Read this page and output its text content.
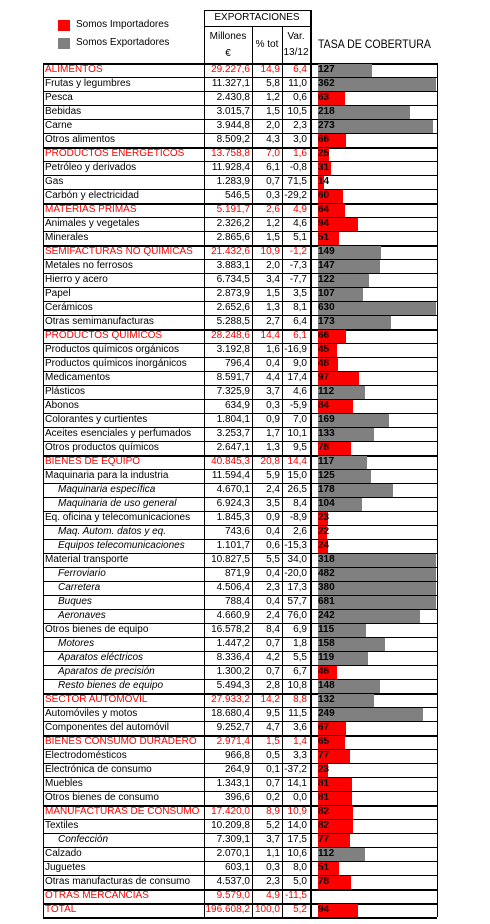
Somos Importadores
Somos Exportadores
EXPORTACIONES
Millones
€
% tot
Var.
13/12
TASA DE COBERTURA
ALIMENTOS	29.227,6	14,9	6,4 127
Frutas y legumbres	11.327,1	5,8 11,0 362
Pesca	2.430,8	1,2	0,6 63
Bebidas	3.015,7	1,5 10,5 218
Carne	3.944,8	2,0	2,3 273
Otros alimentos	8.509,2	4,3	3,0 66
PRODUCTOS ENERGÉTICOS	13.758,8	7,0	1,6 25
Petróleo y derivados	11.928,4	6,1 -0,8 31
Gas	1.283,9	0,7 71,5 14
Carbón y electricidad	546,5	0,3 -29,2 60
MATERIAS PRIMAS	5.191,7	2,6	4,9 64
Animales y vegetales	2.326,2	1,2	4,6 94
Minerales	2.865,6	1,5	5,1 51
SEMIFACTURAS NO QUÍMICAS	21.432,6	10,9 -1,2 149
Metales no ferrosos	3.883,1	2,0 -7,3 147
Hierro y acero	6.734,5	3,4 -7,7 122
Papel	2.873,9	1,5	3,5 107
Cerámicos	2.652,6	1,3	8,1 630
Otras semimanufacturas	5.288,5	2,7	6,4 173
PRODUCTOS QUÍMICOS	28.248,6	14,4	6,1 66
Productos químicos orgánicos	3.192,8	1,6 -16,9 45
Productos químicos inorgánicos	796,4	0,4	9,0 48
Medicamentos	8.591,7	4,4 17,4 97
Plásticos	7.325,9	3,7	4,6 112
Abonos	634,9	0,3 -5,9 84
Colorantes y curtientes	1.804,1	0,9	7,0 169
Aceites esenciales y perfumados	3.253,7	1,7 10,1 133
Otros productos químicos	2.647,1	1,3	9,5 78
BIENES DE EQUIPO	40.845,3	20,8 14,4 117
Maquinaria para la industria	11.594,4	5,9 15,0 125
Maquinaria específica	4.670,1	2,4 26,5 178
Maquinaria de uso general	6.924,3	3,5	8,4 104
Eq. oficina y telecomunicaciones	1.845,3	0,9 -8,9 23
Maq. Autom. datos y eq.	743,6	0,4	2,6 22
Equipos telecomunicaciones	1.101,7	0,6 -15,3 24
Material transporte	10.827,5	5,5 34,0 318
Ferroviario	871,9	0,4 -20,0 482
Carretera	4.506,4	2,3 17,3 380
Buques	788,4	0,4 57,7 681
Aeronaves	4.660,9	2,4 76,0 242
Otros bienes de equipo	16.578,2	8,4	6,9 115
Motores	1.447,2	0,7	1,8 158
Aparatos eléctricos	8.336,4	4,2	5,5 119
Aparatos de precisión	1.300,2	0,7	6,7 46
Resto bienes de equipo	5.494,3	2,8 10,8 148
SECTOR AUTOMÓVIL	27.933,2	14,2	8,8 132
Automóviles y motos	18.680,4	9,5 11,5 249
Componentes del automóvil	9.252,7	4,7	3,6 67
BIENES CONSUMO DURADERO	2.971,4	1,5	1,4 65
Electrodomésticos	966,8	0,5	3,3 77
Electrónica de consumo	264,9	0,1 -37,2 23
Muebles	1.343,1	0,7 14,1 81
Otros bienes de consumo	396,6	0,2	0,0 81
MANUFACTURAS DE CONSUMO	17.420,0	8,9 10,9 82
Textiles	10.209,8	5,2 14,0 82
Confección	7.309,1	3,7 17,5 77
Calzado	2.070,1	1,1 10,6 112
Juguetes	603,1	0,3	8,0 51
Otras manufacturas de consumo	4.537,0	2,3	5,0 78
OTRAS MERCANCÍAS	9.579,0	4,9 -11,5
TOTAL	196.608,2 100,0	5,2 94
